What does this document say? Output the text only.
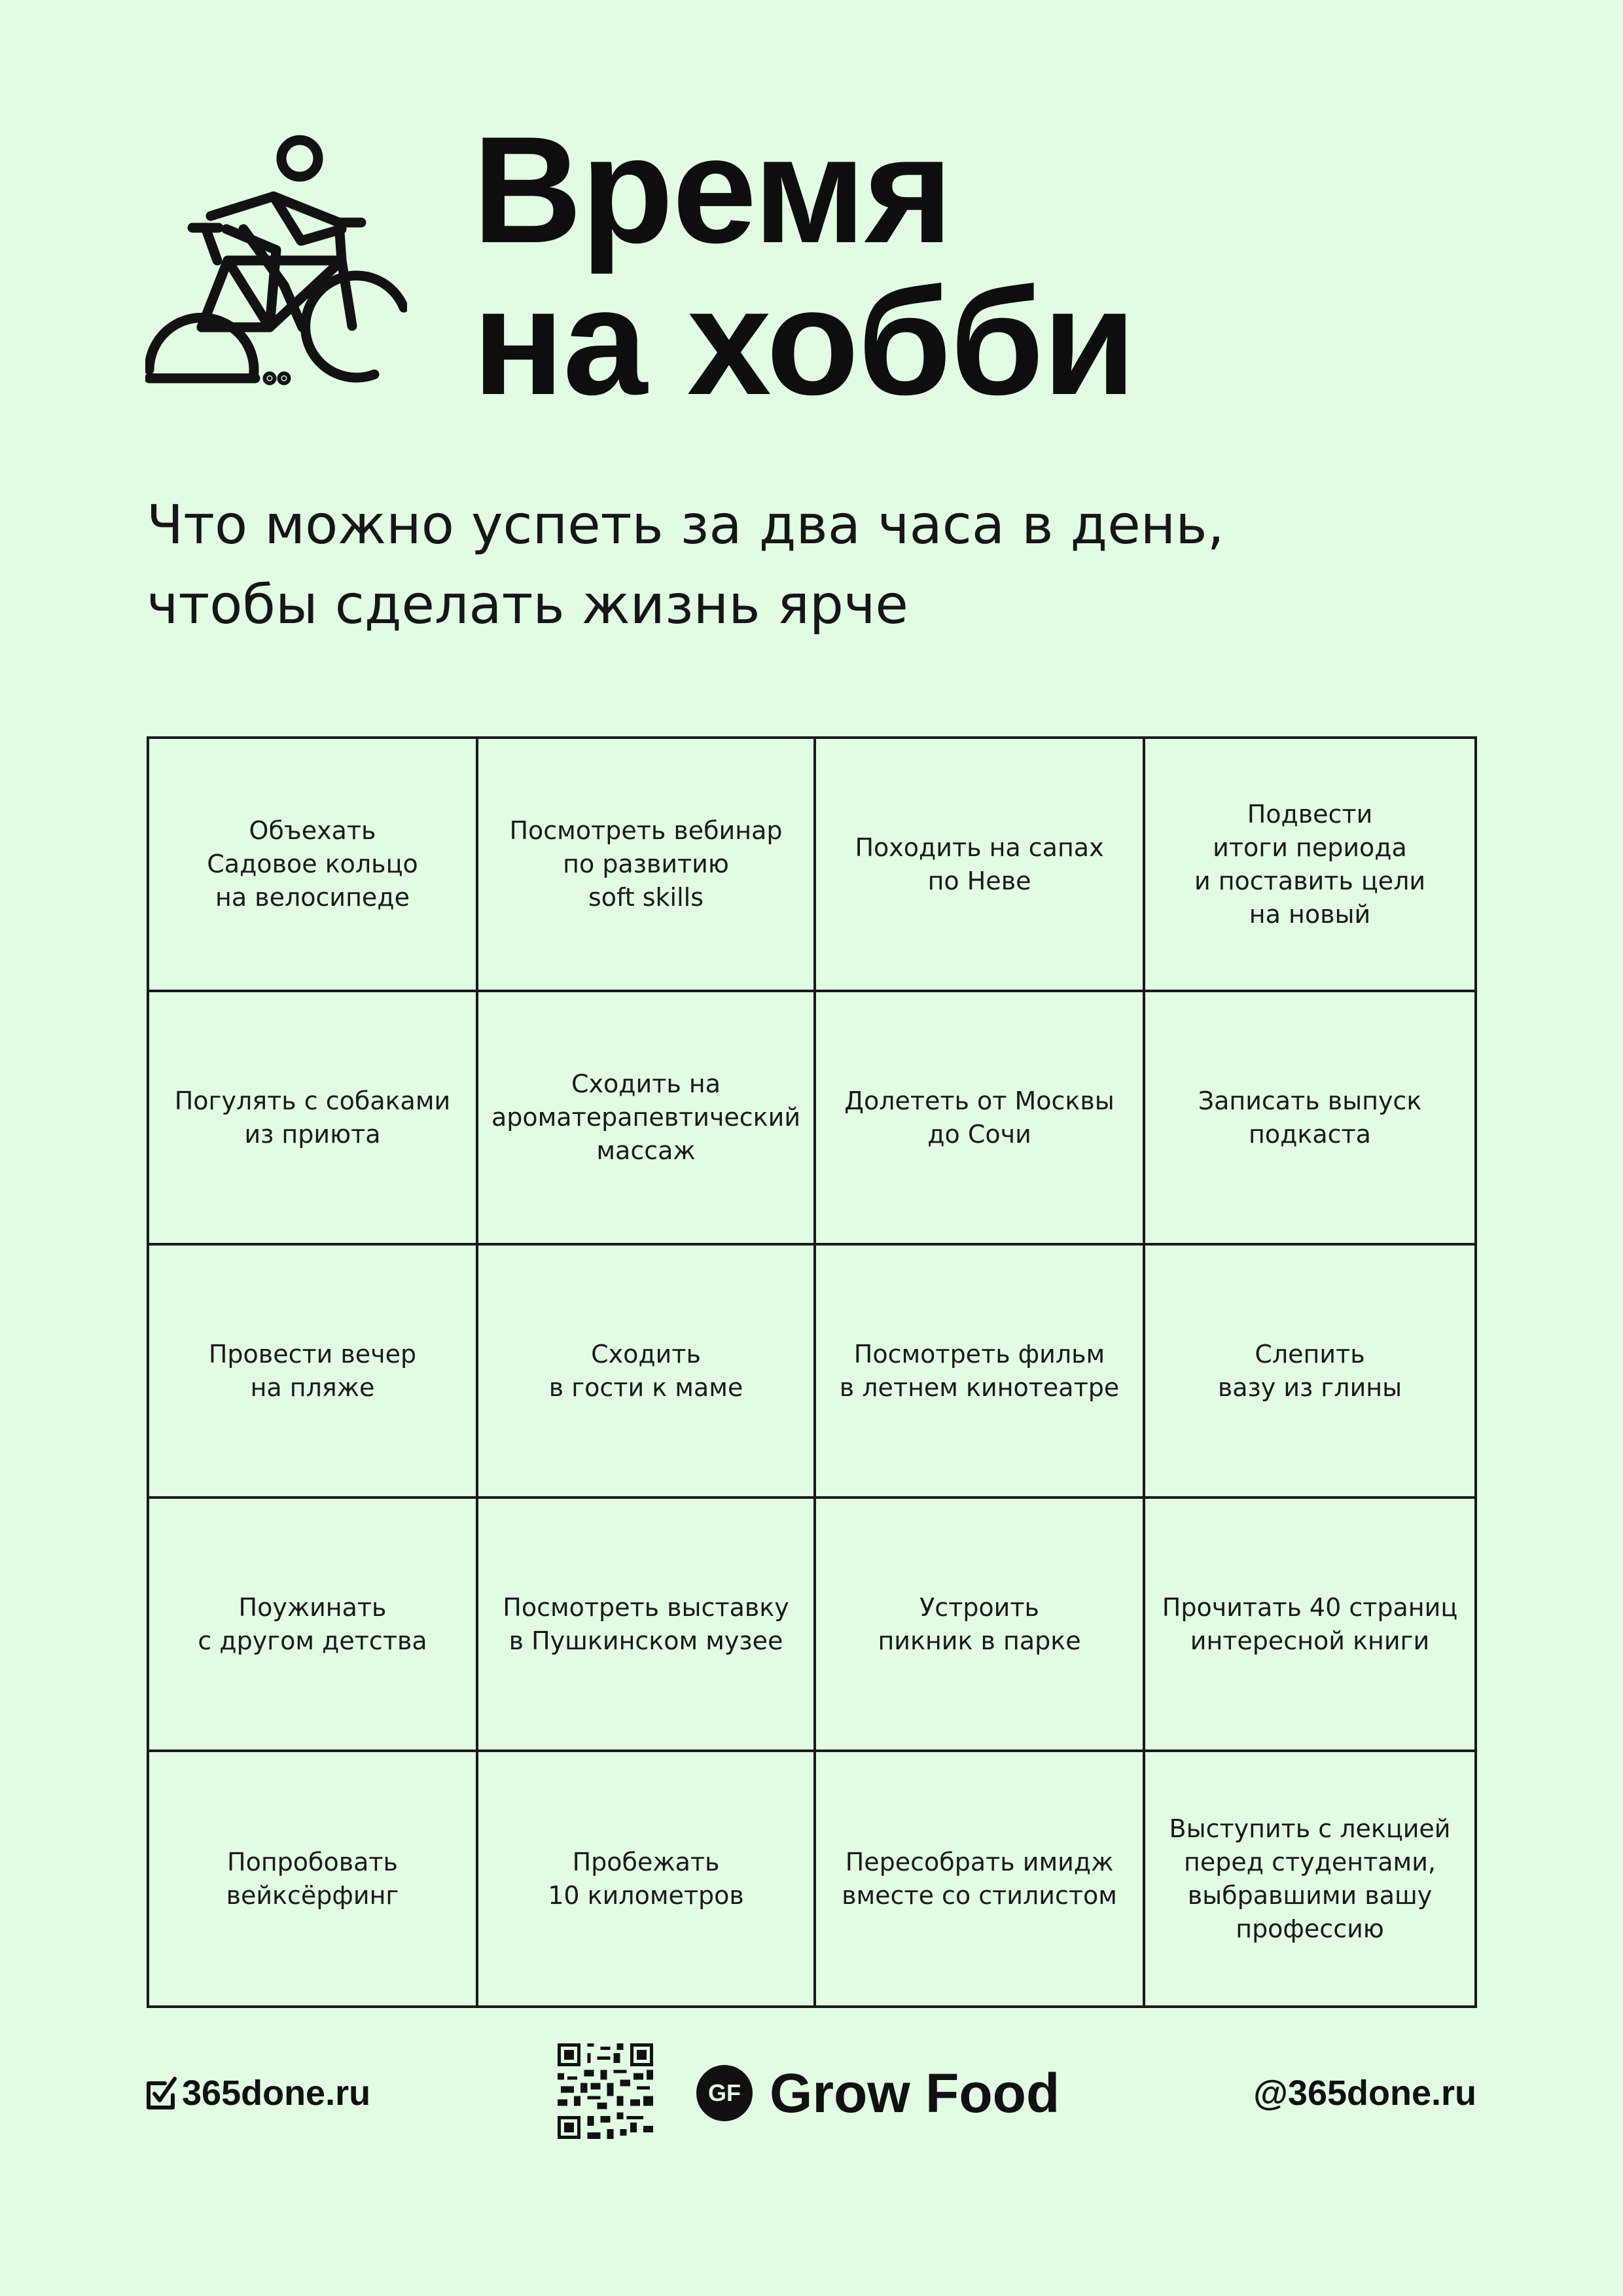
Время
на хобби
Что можно успеть за два часа в день,
чтобы сделать жизнь ярче
Объехать
Садовое кольцо
на велосипеде
Посмотреть вебинар
по развитию
soft skills
Походить на сапах
по Неве
Подвести
итоги периода
и поставить цели
на новый
Погулять с собаками
из приюта
Сходить на
ароматерапевтический
массаж
Долететь от Москвы
до Сочи
Записать выпуск
подкаста
Провести вечер
на пляже
Сходить
в гости к маме
Посмотреть фильм
в летнем кинотеатре
Слепить
вазу из глины
Поужинать
с другом детства
Посмотреть выставку
в Пушкинском музее
Устроить
пикник в парке
Прочитать 40 страниц
интересной книги
Попробовать
вейксёрфинг
Пробежать
10 километров
Пересобрать имидж
вместе со стилистом
Выступить с лекцией
перед студентами,
выбравшими вашу
профессию
365done.ru	GF Grow Food	@365done.ru
